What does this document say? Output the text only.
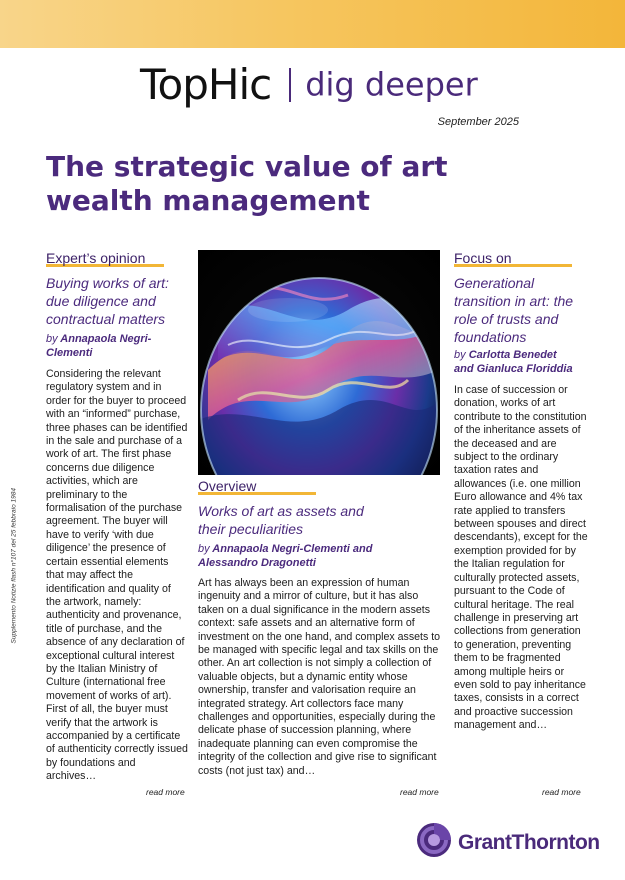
TopHic dig deeper
September 2025
The strategic value of art wealth management
Supplemento Notizie flash n°107 del 25 febbraio 1984
Expert’s opinion
Buying works of art: due diligence and contractual matters
by Annapaola Negri-Clementi
Considering the relevant regulatory system and in order for the buyer to proceed with an “informed” purchase, three phases can be identified in the sale and purchase of a work of art. The first phase concerns due diligence activities, which are preliminary to the formalisation of the purchase agreement. The buyer will have to verify ‘with due diligence’ the presence of certain essential elements that may affect the identification and quality of the artwork, namely: authenticity and provenance, title of purchase, and the absence of any declaration of exceptional cultural interest by the Italian Ministry of Culture (international free movement of works of art). First of all, the buyer must verify that the artwork is accompanied by a certificate of authenticity correctly issued by foundations and archives…
read more
Overview
Works of art as assets and their peculiarities
by Annapaola Negri-Clementi and Alessandro Dragonetti
Art has always been an expression of human ingenuity and a mirror of culture, but it has also taken on a dual significance in the modern assets context: safe assets and an alternative form of investment on the one hand, and complex assets to be managed with specific legal and tax skills on the other. An art collection is not simply a collection of valuable objects, but a dynamic entity whose ownership, transfer and valorisation require an integrated strategy. Art collectors face many challenges and opportunities, especially during the delicate phase of succession planning, where inadequate planning can even compromise the integrity of the collection and give rise to significant costs (not just tax) and…
read more
Focus on
Generational transition in art: the role of trusts and foundations
by Carlotta Benedet and Gianluca Floriddia
In case of succession or donation, works of art contribute to the constitution of the inheritance assets of the deceased and are subject to the ordinary taxation rates and allowances (i.e. one million Euro allowance and 4% tax rate applied to transfers between spouses and direct descendants), except for the exemption provided for by the Italian regulation for culturally protected assets, pursuant to the Code of cultural heritage. The real challenge in preserving art collections from generation to generation, preventing them to be fragmented among multiple heirs or even sold to pay inheritance taxes, consists in a correct and proactive succession management and…
read more
GrantThornton
